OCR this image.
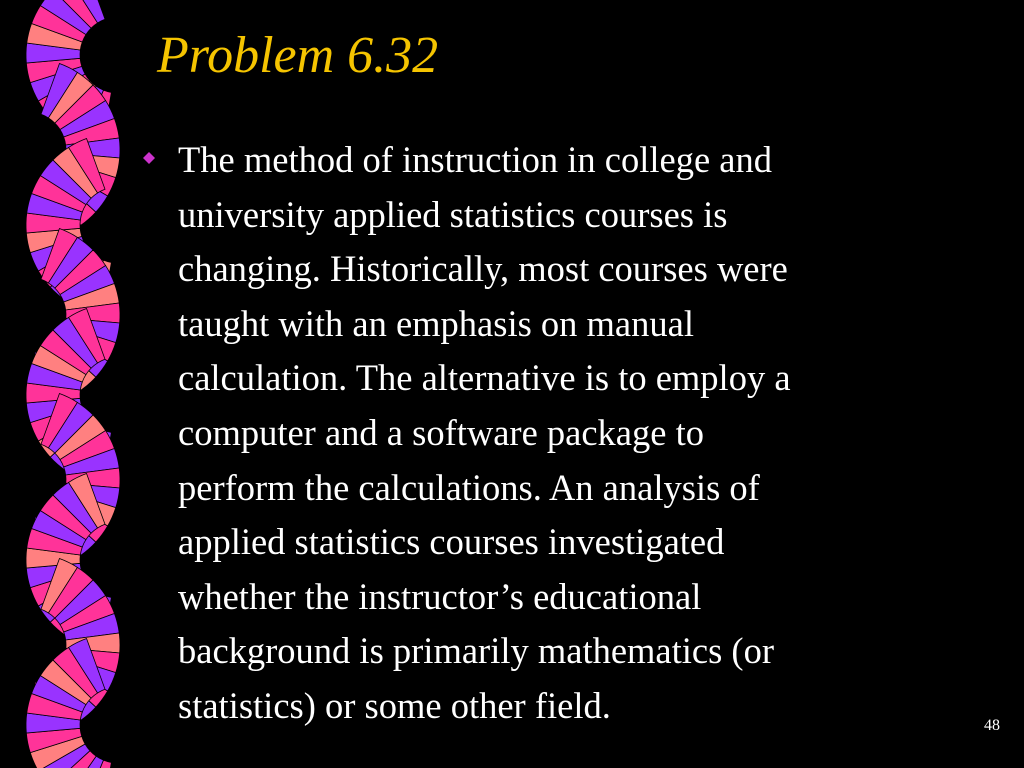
Problem 6.32

The method of instruction in college and
university applied statistics courses is
changing. Historically, most courses were
taught with an emphasis on manual
calculation. The alternative is to employ a
computer and a software package to
perform the calculations. An analysis of
applied statistics courses investigated
whether the instructor’s educational
background is primarily mathematics (or
statistics) or some other field.	48
